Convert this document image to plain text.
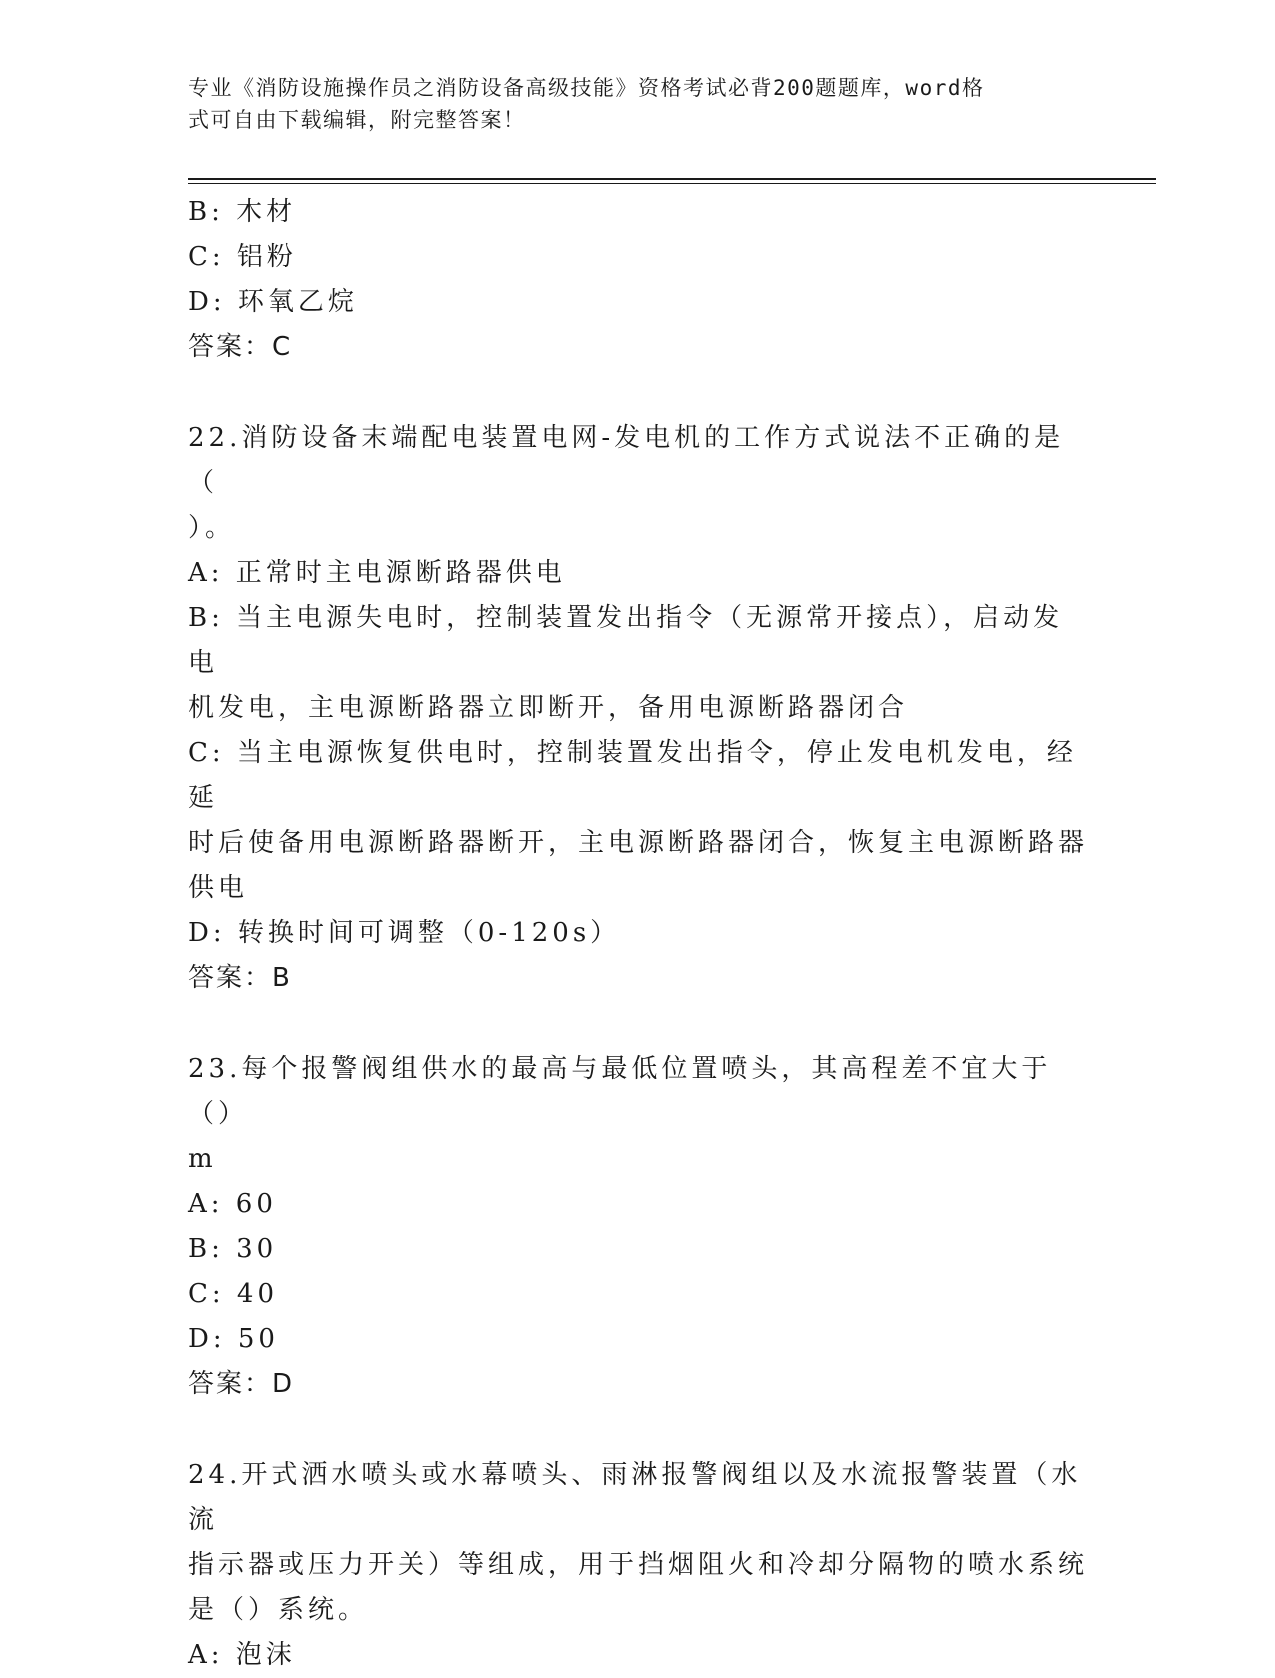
专业《消防设施操作员之消防设备高级技能》资格考试必背200题题库，word格
式可自由下载编辑，附完整答案！

B: 木材

C: 铝粉

D: 环氧乙烷

答案：C

22.消防设备末端配电装置电网-发电机的工作方式说法不正确的是（

）。

A: 正常时主电源断路器供电

B: 当主电源失电时，控制装置发出指令（无源常开接点），启动发电

机发电，主电源断路器立即断开，备用电源断路器闭合

C: 当主电源恢复供电时，控制装置发出指令，停止发电机发电，经延

时后使备用电源断路器断开，主电源断路器闭合，恢复主电源断路器

供电

D: 转换时间可调整（0-120s）

答案：B

23.每个报警阀组供水的最高与最低位置喷头，其高程差不宜大于（）

m

A: 60

B: 30

C: 40

D: 50

答案：D

24.开式洒水喷头或水幕喷头、雨淋报警阀组以及水流报警装置（水流

指示器或压力开关）等组成，用于挡烟阻火和冷却分隔物的喷水系统

是（）系统。

A: 泡沫
